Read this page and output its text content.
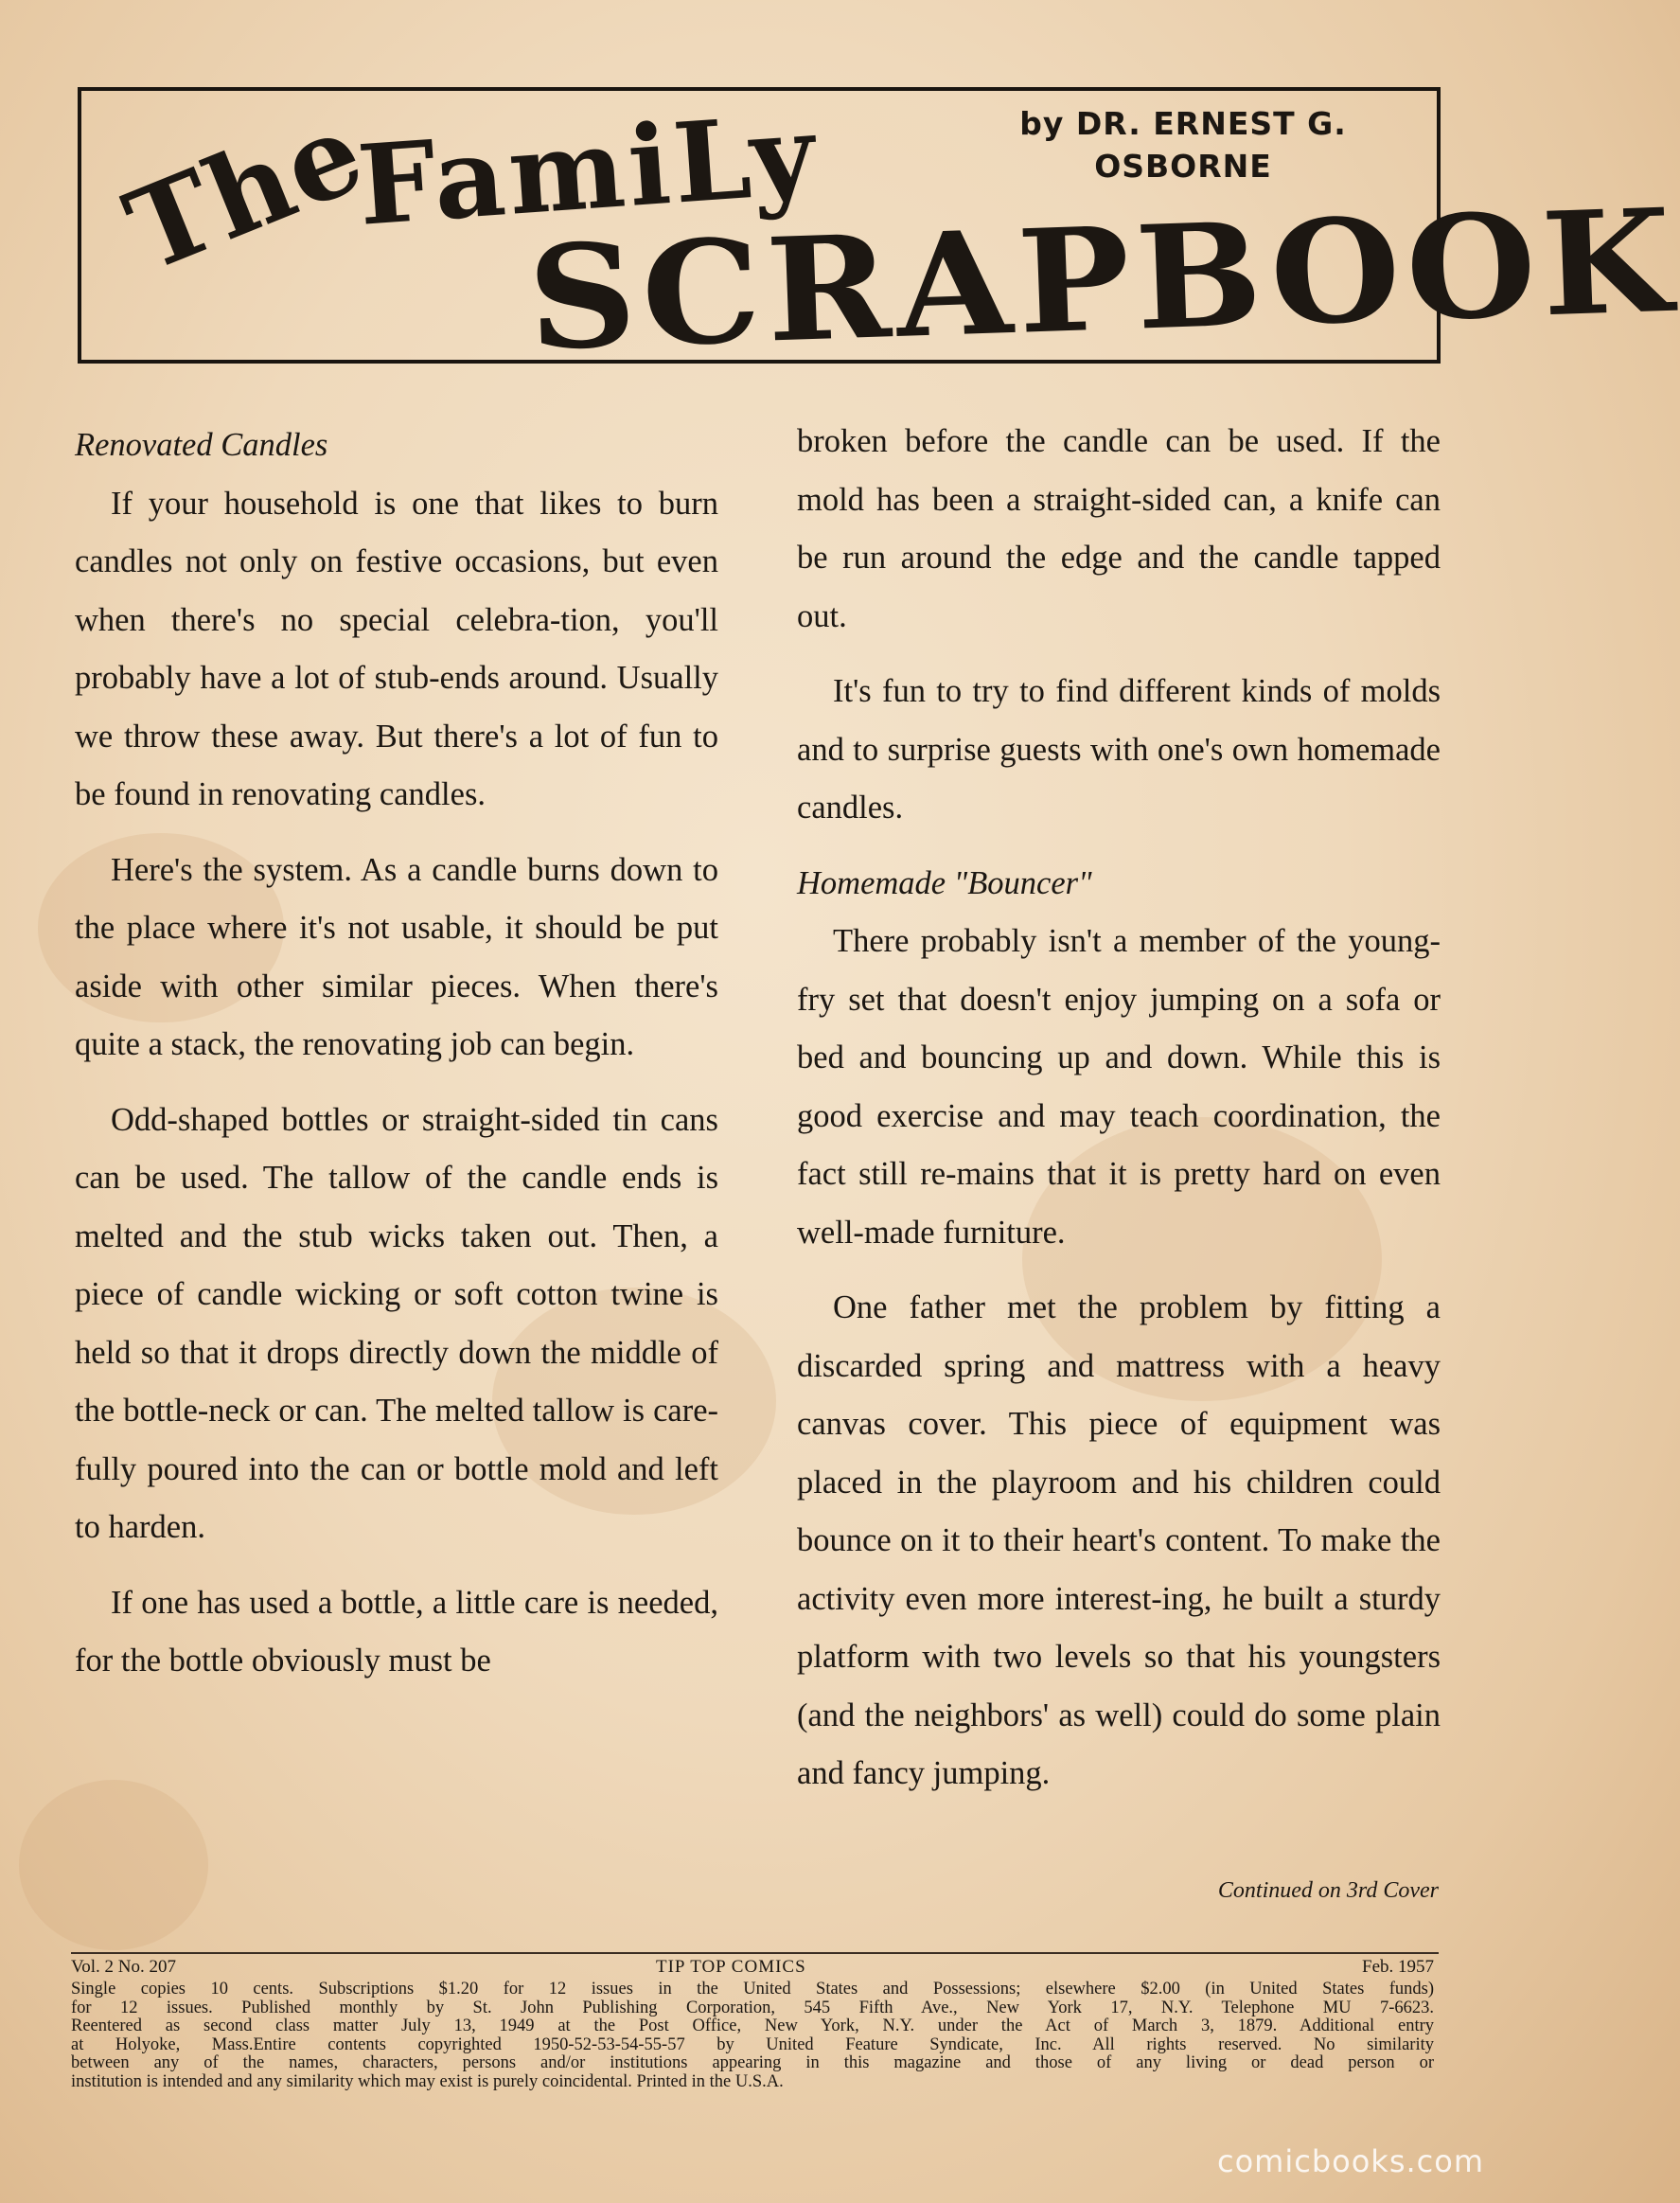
The
FamiLy
SCRAPBOOK
by DR. ERNEST G.
OSBORNE
Renovated Candles

If your household is one that likes to burn candles not only on festive occasions, but even when there's no special celebra-tion, you'll probably have a lot of stub-ends around. Usually we throw these away. But there's a lot of fun to be found in renovating candles.

Here's the system. As a candle burns down to the place where it's not usable, it should be put aside with other similar pieces. When there's quite a stack, the renovating job can begin.

Odd-shaped bottles or straight-sided tin cans can be used. The tallow of the candle ends is melted and the stub wicks taken out. Then, a piece of candle wicking or soft cotton twine is held so that it drops directly down the middle of the bottle-neck or can. The melted tallow is care-fully poured into the can or bottle mold and left to harden.

If one has used a bottle, a little care is needed, for the bottle obviously must be

broken before the candle can be used. If the mold has been a straight-sided can, a knife can be run around the edge and the candle tapped out.

It's fun to try to find different kinds of molds and to surprise guests with one's own homemade candles.

Homemade "Bouncer"

There probably isn't a member of the young-fry set that doesn't enjoy jumping on a sofa or bed and bouncing up and down. While this is good exercise and may teach coordination, the fact still re-mains that it is pretty hard on even well-made furniture.

One father met the problem by fitting a discarded spring and mattress with a heavy canvas cover. This piece of equipment was placed in the playroom and his children could bounce on it to their heart's content. To make the activity even more interest-ing, he built a sturdy platform with two levels so that his youngsters (and the neighbors' as well) could do some plain and fancy jumping.

Continued on 3rd Cover
Vol. 2 No. 207	TIP TOP COMICS	Feb. 1957
Single copies 10 cents. Subscriptions $1.20 for 12 issues in the United States and Possessions; elsewhere $2.00 (in United States funds)
for 12 issues. Published monthly by St. John Publishing Corporation, 545 Fifth Ave., New York 17, N.Y. Telephone MU 7-6623.
Reentered as second class matter July 13, 1949 at the Post Office, New York, N.Y. under the Act of March 3, 1879. Additional entry
at Holyoke, Mass.Entire contents copyrighted 1950-52-53-54-55-57 by United Feature Syndicate, Inc. All rights reserved. No similarity
between any of the names, characters, persons and/or institutions appearing in this magazine and those of any living or dead person or
institution is intended and any similarity which may exist is purely coincidental. Printed in the U.S.A.
comicbooks.com
